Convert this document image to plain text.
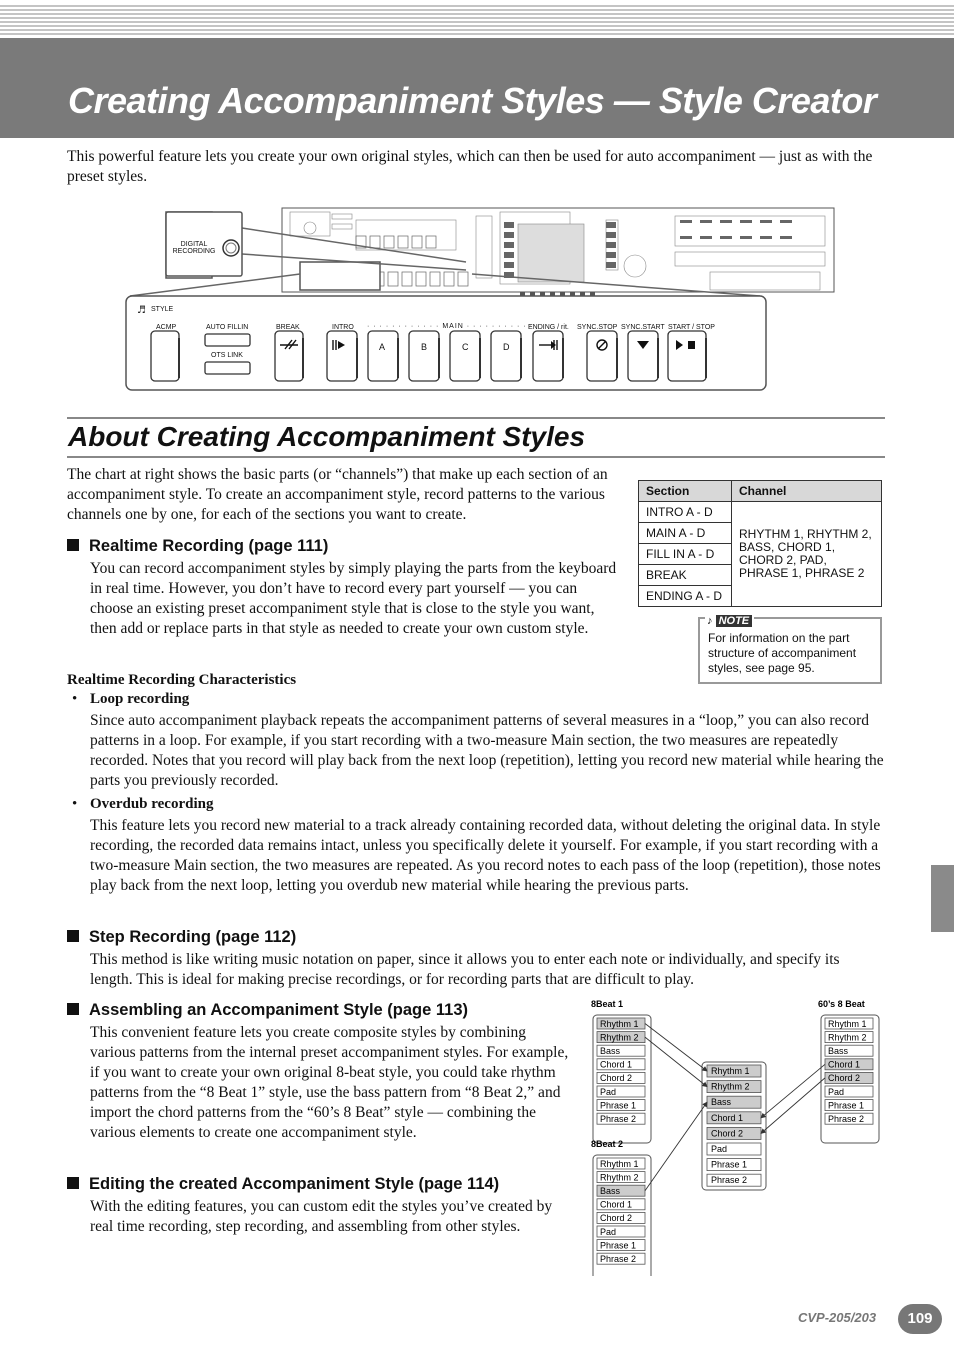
Creating Accompaniment Styles — Style Creator

This powerful feature lets you create your own original styles, which can then be used for auto accompaniment — just as with the preset styles.

♬
DIGITAL
RECORDING
STYLE
ACMP	AUTO FILLIN
OTS LINK
BREAK	INTRO · · · · · · · · · · · · MAIN · · · · · · · · · · · ·
ENDING / rit. SYNC.STOP SYNC.START START / STOP
A	B	C	D
About Creating Accompaniment Styles

The chart at right shows the basic parts (or “channels”) that make up each section of an accompaniment style. To create an accompaniment style, record patterns to the various channels one by one, for each of the sections you want to create.

Realtime Recording (page 111)

You can record accompaniment styles by simply playing the parts from the keyboard in real time. However, you don’t have to record every part yourself — you can choose an existing preset accompaniment style that is close to the style you want, then add or replace parts in that style as needed to create your own custom style.

Realtime Recording Characteristics
• Loop recording

Since auto accompaniment playback repeats the accompaniment patterns of several measures in a “loop,” you can also record patterns in a loop. For example, if you start recording with a two-measure Main section, the two measures are repeatedly recorded. Notes that you record will play back from the next loop (repetition), letting you record new material while hearing the parts you previously recorded.

• Overdub recording

This feature lets you record new material to a track already containing recorded data, without deleting the original data. In style recording, the recorded data remains intact, unless you specifically delete it yourself. For example, if you start recording with a two-measure Main section, the two measures are repeated. As you record notes to each pass of the loop (repetition), those notes play back from the next loop, letting you overdub new material while hearing the previous parts.

Step Recording (page 112)

This method is like writing music notation on paper, since it allows you to enter each note or individually, and specify its length. This is ideal for making precise recordings, or for recording parts that are difficult to play.

Assembling an Accompaniment Style (page 113)

This convenient feature lets you create composite styles by combining various patterns from the internal preset accompaniment styles. For example, if you want to create your own original 8-beat style, you could take rhythm patterns from the “8 Beat 1” style, use the bass pattern from “8 Beat 2,” and import the chord patterns from the “60’s 8 Beat” style — combining the various elements to create one accompaniment style.

Editing the created Accompaniment Style (page 114)

With the editing features, you can custom edit the styles you’ve created by real time recording, step recording, and assembling from other styles.

Section	Channel
INTRO A - D	RHYTHM 1, RHYTHM 2,
BASS, CHORD 1,
CHORD 2, PAD,
PHRASE 1, PHRASE 2

MAIN A - D	
FILL IN A - D	
BREAK	
ENDING A - D	
♪ NOTE

For information on the part structure of accompaniment styles, see page 95.

8Beat 1
Rhythm 1
Rhythm 2
Bass
Chord 1
Chord 2
Pad
Phrase 1
Phrase 2
8Beat 2
Rhythm 1
Rhythm 2
Bass
Chord 1
Chord 2
Pad
Phrase 1
Phrase 2
60’s 8 Beat
Rhythm 1
Rhythm 2
Bass
Chord 1
Chord 2
Pad
Phrase 1
Phrase 2
Rhythm 1
Rhythm 2
Bass
Chord 1
Chord 2
Pad
Phrase 1
Phrase 2
CVP-205/203	109
